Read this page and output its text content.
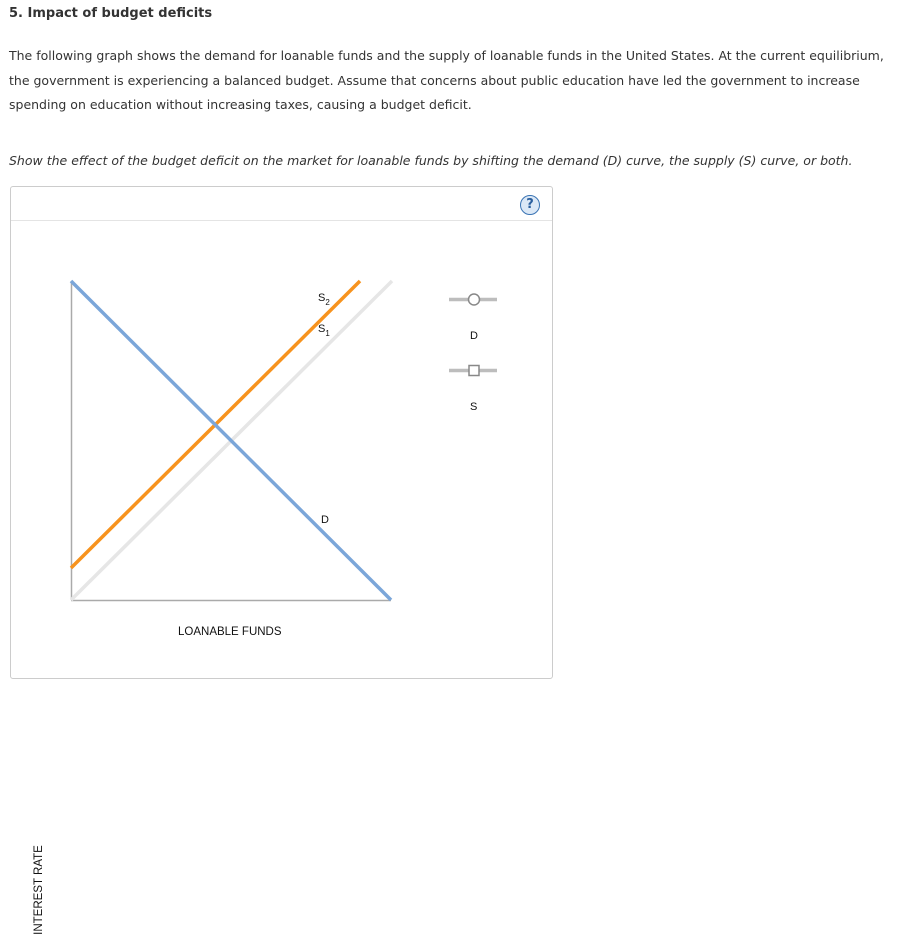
5. Impact of budget deficits
The following graph shows the demand for loanable funds and the supply of loanable funds in the United States. At the current equilibrium, the government is experiencing a balanced budget. Assume that concerns about public education have led the government to increase spending on education without increasing taxes, causing a budget deficit.
Show the effect of the budget deficit on the market for loanable funds by shifting the demand (D) curve, the supply (S) curve, or both.
?
$S_2$
$S_1$
D
D
S
INTEREST RATE
LOANABLE FUNDS
